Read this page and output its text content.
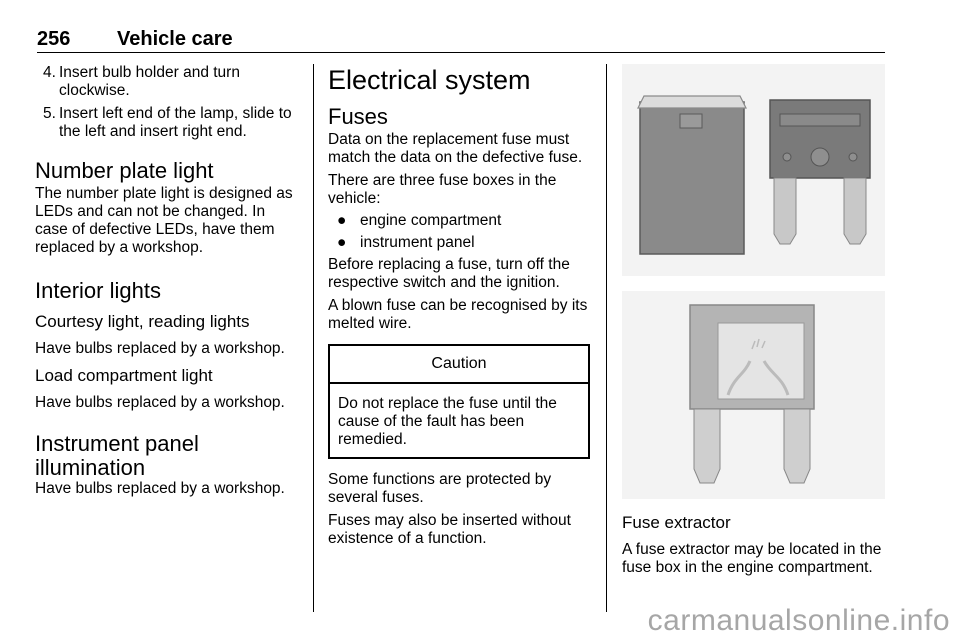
256 Vehicle care
4. Insert bulb holder and turn clockwise.
5. Insert left end of the lamp, slide to the left and insert right end.
Number plate light

The number plate light is designed as LEDs and can not be changed. In case of defective LEDs, have them replaced by a workshop.

Interior lights
Courtesy light, reading lights

Have bulbs replaced by a workshop.

Load compartment light

Have bulbs replaced by a workshop.

Instrument panel illumination

Have bulbs replaced by a workshop.

Electrical system
Fuses

Data on the replacement fuse must match the data on the defective fuse.

There are three fuse boxes in the vehicle:

● engine compartment
● instrument panel

Before replacing a fuse, turn off the respective switch and the ignition.

A blown fuse can be recognised by its melted wire.

Caution
Do not replace the fuse until the cause of the fault has been remedied.

Some functions are protected by several fuses.

Fuses may also be inserted without existence of a function.

Fuse extractor

A fuse extractor may be located in the fuse box in the engine compartment.

carmanualsonline.info
